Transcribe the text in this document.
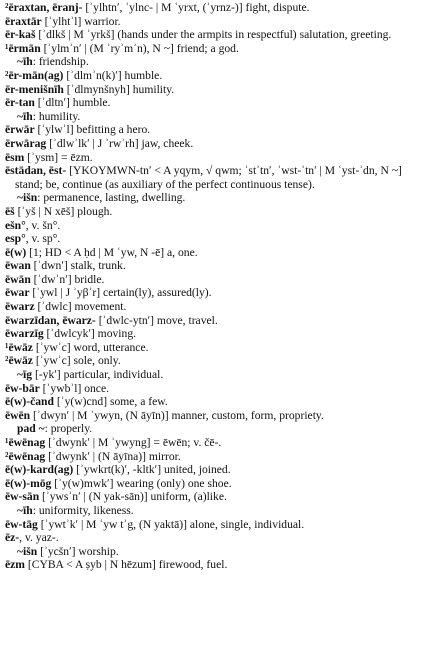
²ēraxtan, ēranj- [ʾylhtnʹ, ʾylnc- | M ʿyrxt, (ʾyrnz-)] fight, dispute.
ēraxtār [ʾylhtʾl] warrior.
ēr-kaš [ʾdlkš | M ʾyrkš] (hands under the armpits in respectful) salutation, greeting.
¹ērmān [ʾylmʾnʹ | (M ʾryʾmʾn), N ~] friend; a god.
~īh: friendship.
²ēr-mān(ag) [ʾdlmʾn(k)ʹ] humble.
ēr-menišnīh [ʾdlmynšnyh] humility.
ēr-tan [ʾdltnʹ] humble.
~īh: humility.
ērwār [ʾylwʾl] befitting a hero.
ērwārag [ʾdlwʾlkʹ | J ʾrwʾrh] jaw, cheek.
ēsm [ʾysm] = ēzm.
ēstādan, ēst- [YKOYMWN-tnʹ < A yqym, √ qwm; ʾstʾtnʹ, ʾwst-ʾtnʹ | M ʿyst-ʾdn, N ~] stand; be, continue (as auxiliary of the perfect continuous tense).
~išn: permanence, lasting, dwelling.
ēš [ʾyš | N xēš] plough.
ešn°, v. šn°.
esp°, v. sp°.
ē(w) [1; HD < A ḥd | M ʿyw, N -ē] a, one.
ēwan [ʾdwnʹ] stalk, trunk.
ēwān [ʾdwʾnʹ] bridle.
ēwar [ʾywl | J ʾyβʾr] certain(ly), assured(ly).
ēwarz [ʾdwlc] movement.
ēwarzīdan, ēwarz- [ʾdwlc-ytnʹ] move, travel.
ēwarzīg [ʾdwlcykʹ] moving.
¹ēwāz [ʾywʾc] word, utterance.
²ēwāz [ʾywʾc] sole, only.
~īg [-ykʹ] particular, individual.
ēw-bār [ʾywbʾl] once.
ē(w)-čand [ʾy(w)cnd] some, a few.
ēwēn [ʾdwynʹ | M ʾywyn, (N āyīn)] manner, custom, form, propriety.
pad ~: properly.
¹ēwēnag [ʾdwynkʹ | M ʾywyng] = ēwēn; v. čē-.
²ēwēnag [ʾdwynkʹ | (N āyīna)] mirror.
ē(w)-kard(ag) [ʾywkrt(k)ʹ, -kltkʹ] united, joined.
ē(w)-mōg [ʾy(w)mwkʹ] wearing (only) one shoe.
ēw-sān [ʾywsʾnʹ | (N yak-sān)] uniform, (a)like.
~īh: uniformity, likeness.
ēw-tāg [ʾywtʾkʹ | M ʿyw tʾg, (N yaktā)] alone, single, individual.
ēz-, v. yaz-.
~išn [ʾycšnʹ] worship.
ēzm [CYBA < A ṣyb | N hēzum] firewood, fuel.
